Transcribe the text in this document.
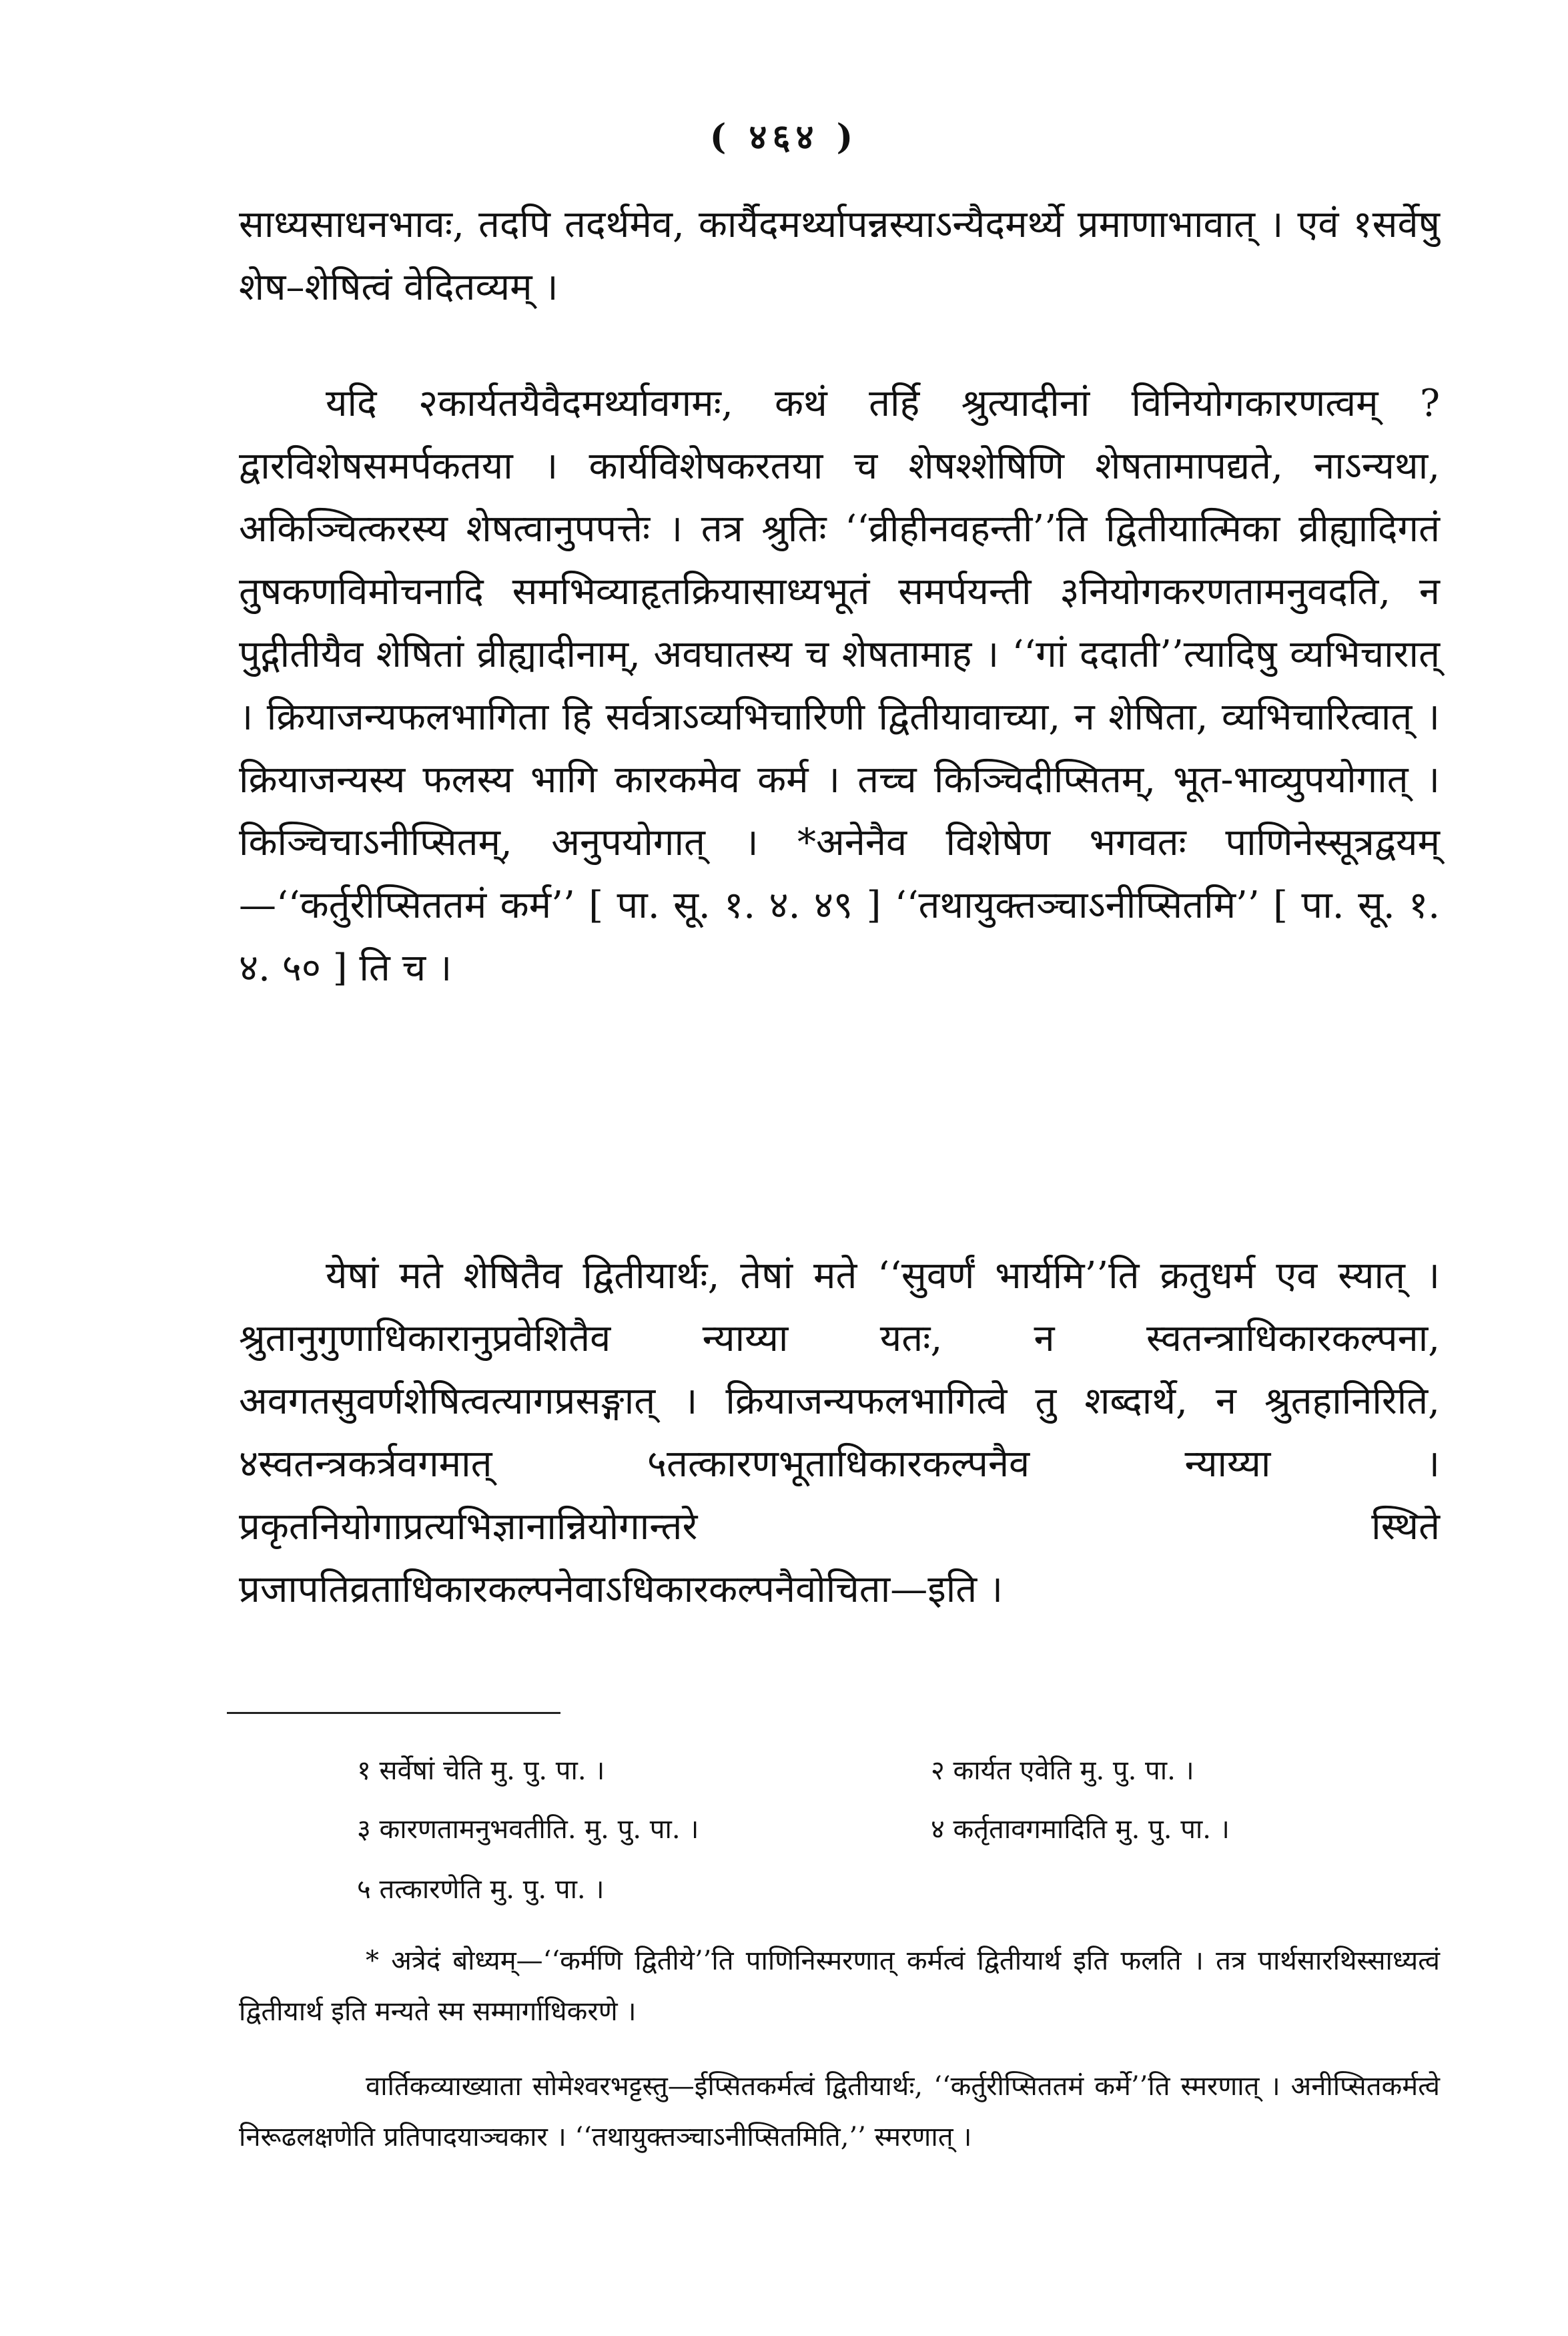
( ४६४ )

साध्यसाधनभावः, तदपि तदर्थमेव, कार्यैदमर्थ्यापन्नस्याऽन्यैदमर्थ्ये प्रमाणाभावात् । एवं १सर्वेषु शेष–शेषित्वं वेदितव्यम् ।

यदि २कार्यतयैवैदमर्थ्यावगमः, कथं तर्हि श्रुत्यादीनां विनियोगकारणत्वम् ? द्वारविशेषसमर्पकतया । कार्यविशेषकरतया च शेषश्शेषिणि शेषतामापद्यते, नाऽन्यथा, अकिञ्चित्करस्य शेषत्वानुपपत्तेः । तत्र श्रुतिः ‘‘व्रीहीनवहन्ती’’ति द्वितीयात्मिका व्रीह्यादिगतं तुषकणविमोचनादि समभिव्याहृतक्रियासाध्यभूतं समर्पयन्ती ३नियोगकरणतामनुवदति, न पुद्गीतीयैव शेषितां व्रीह्यादीनाम्, अवघातस्य च शेषतामाह । ‘‘गां ददाती’’त्यादिषु व्यभिचारात् । क्रियाजन्यफलभागिता हि सर्वत्राऽव्यभिचारिणी द्वितीयावाच्या, न शेषिता, व्यभिचारित्वात् । क्रियाजन्यस्य फलस्य भागि कारकमेव कर्म । तच्च किञ्चिदीप्सितम्, भूत-भाव्युपयोगात् । किञ्चिचाऽनीप्सितम्, अनुपयोगात् । *अनेनैव विशेषेण भगवतः पाणिनेस्सूत्रद्वयम्—‘‘कर्तुरीप्सिततमं कर्म’’ [ पा. सू. १. ४. ४९ ] ‘‘तथायुक्तञ्चाऽनीप्सितमि’’ [ पा. सू. १. ४. ५० ] ति च ।

येषां मते शेषितैव द्वितीयार्थः, तेषां मते ‘‘सुवर्णं भार्यमि’’ति क्रतुधर्म एव स्यात् । श्रुतानुगुणाधिकारानुप्रवेशितैव न्याय्या यतः, न स्वतन्त्राधिकारकल्पना, अवगतसुवर्णशेषित्वत्यागप्रसङ्गात् । क्रियाजन्यफलभागित्वे तु शब्दार्थे, न श्रुतहानिरिति, ४स्वतन्त्रकर्त्रवगमात् ५तत्कारणभूताधिकारकल्पनैव न्याय्या । प्रकृतनियोगाप्रत्यभिज्ञानान्नियोगान्तरे स्थिते प्रजापतिव्रताधिकारकल्पनेवाऽधिकारकल्पनैवोचिता—इति ।

१ सर्वेषां चेति मु. पु. पा. ।	२ कार्यत एवेति मु. पु. पा. ।
३ कारणतामनुभवतीति. मु. पु. पा. ।	४ कर्तृतावगमादिति मु. पु. पा. ।
५ तत्कारणेति मु. पु. पा. ।

* अत्रेदं बोध्यम्—‘‘कर्मणि द्वितीये’’ति पाणिनिस्मरणात् कर्मत्वं द्वितीयार्थ इति फलति । तत्र पार्थसारथिस्साध्यत्वं द्वितीयार्थ इति मन्यते स्म सम्मार्गाधिकरणे ।

वार्तिकव्याख्याता सोमेश्वरभट्टस्तु—ईप्सितकर्मत्वं द्वितीयार्थः, ‘‘कर्तुरीप्सिततमं कर्मे’’ति स्मरणात् । अनीप्सितकर्मत्वे निरूढलक्षणेति प्रतिपादयाञ्चकार । ‘‘तथायुक्तञ्चाऽनीप्सितमिति,’’ स्मरणात् ।
